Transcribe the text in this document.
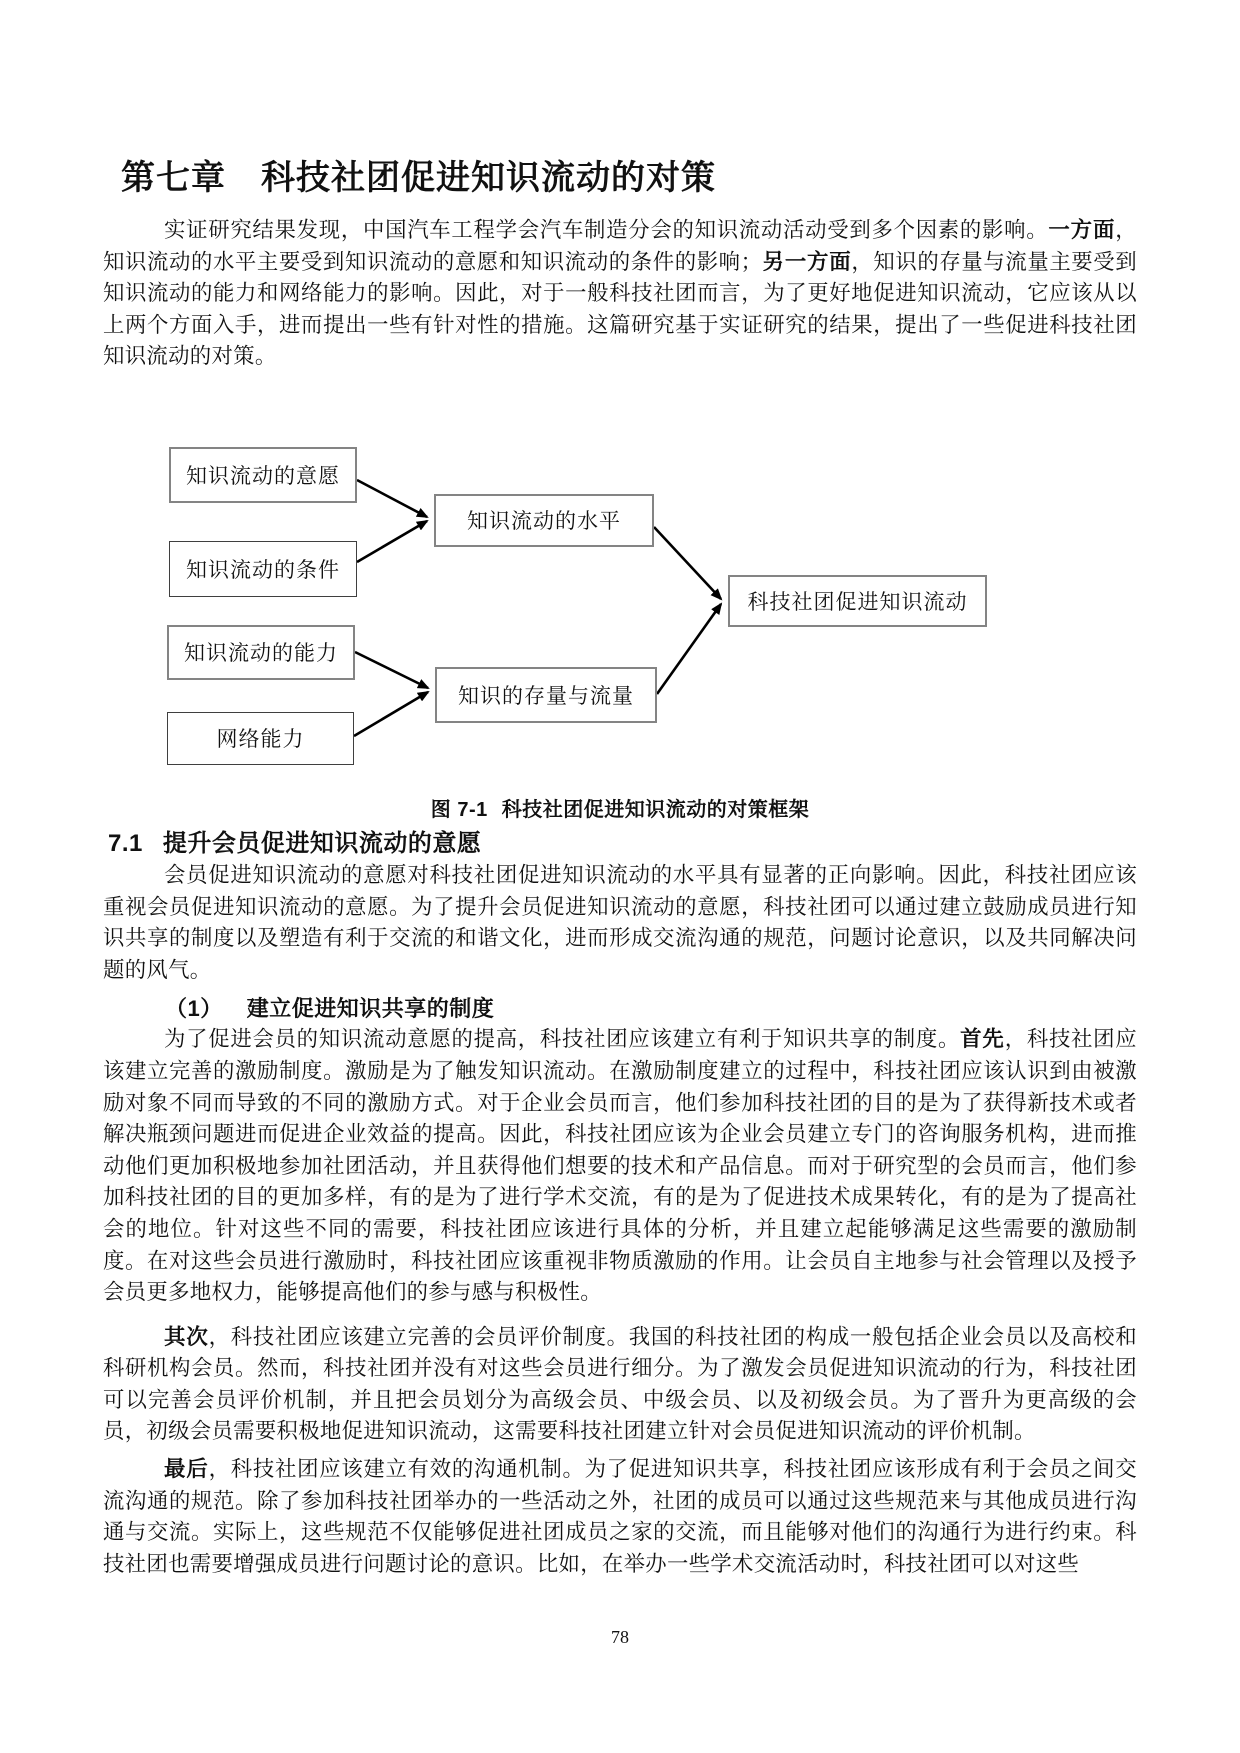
第七章　科技社团促进知识流动的对策

实证研究结果发现，中国汽车工程学会汽车制造分会的知识流动活动受到多个因素的影响。一方面，知识流动的水平主要受到知识流动的意愿和知识流动的条件的影响；另一方面，知识的存量与流量主要受到知识流动的能力和网络能力的影响。因此，对于一般科技社团而言，为了更好地促进知识流动，它应该从以上两个方面入手，进而提出一些有针对性的措施。这篇研究基于实证研究的结果，提出了一些促进科技社团知识流动的对策。

知识流动的意愿
知识流动的条件
知识流动的能力
网络能力
知识流动的水平
知识的存量与流量
科技社团促进知识流动
图 7-1 科技社团促进知识流动的对策框架
7.1 提升会员促进知识流动的意愿

会员促进知识流动的意愿对科技社团促进知识流动的水平具有显著的正向影响。因此，科技社团应该重视会员促进知识流动的意愿。为了提升会员促进知识流动的意愿，科技社团可以通过建立鼓励成员进行知识共享的制度以及塑造有利于交流的和谐文化，进而形成交流沟通的规范，问题讨论意识，以及共同解决问题的风气。

（1） 建立促进知识共享的制度

为了促进会员的知识流动意愿的提高，科技社团应该建立有利于知识共享的制度。首先，科技社团应该建立完善的激励制度。激励是为了触发知识流动。在激励制度建立的过程中，科技社团应该认识到由被激励对象不同而导致的不同的激励方式。对于企业会员而言，他们参加科技社团的目的是为了获得新技术或者解决瓶颈问题进而促进企业效益的提高。因此，科技社团应该为企业会员建立专门的咨询服务机构，进而推动他们更加积极地参加社团活动，并且获得他们想要的技术和产品信息。而对于研究型的会员而言，他们参加科技社团的目的更加多样，有的是为了进行学术交流，有的是为了促进技术成果转化，有的是为了提高社会的地位。针对这些不同的需要，科技社团应该进行具体的分析，并且建立起能够满足这些需要的激励制度。在对这些会员进行激励时，科技社团应该重视非物质激励的作用。让会员自主地参与社会管理以及授予会员更多地权力，能够提高他们的参与感与积极性。

其次，科技社团应该建立完善的会员评价制度。我国的科技社团的构成一般包括企业会员以及高校和科研机构会员。然而，科技社团并没有对这些会员进行细分。为了激发会员促进知识流动的行为，科技社团可以完善会员评价机制，并且把会员划分为高级会员、中级会员、以及初级会员。为了晋升为更高级的会员，初级会员需要积极地促进知识流动，这需要科技社团建立针对会员促进知识流动的评价机制。

最后，科技社团应该建立有效的沟通机制。为了促进知识共享，科技社团应该形成有利于会员之间交流沟通的规范。除了参加科技社团举办的一些活动之外，社团的成员可以通过这些规范来与其他成员进行沟通与交流。实际上，这些规范不仅能够促进社团成员之家的交流，而且能够对他们的沟通行为进行约束。科技社团也需要增强成员进行问题讨论的意识。比如，在举办一些学术交流活动时，科技社团可以对这些

78
